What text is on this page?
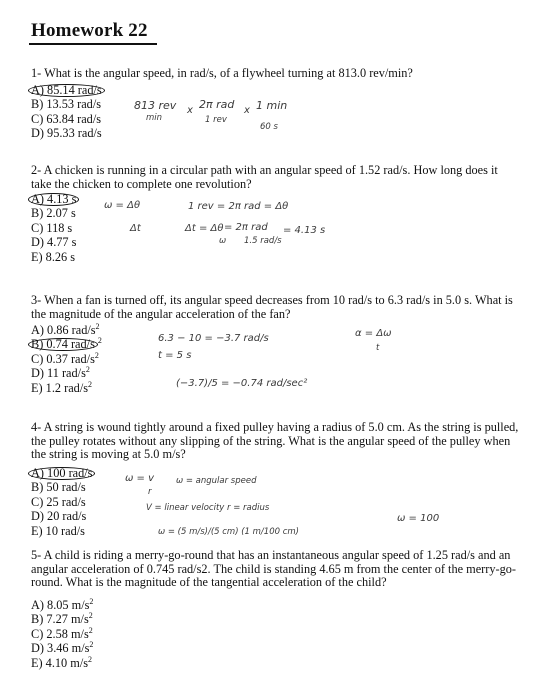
Homework 22
1- What is the angular speed, in rad/s, of a flywheel turning at 813.0 rev/min?
A) 85.14 rad/s
B) 13.53 rad/s
C) 63.84 rad/s
D) 95.33 rad/s
813 rev x 2π rad x 1 min
min	1 rev
60 s
2- A chicken is running in a circular path with an angular speed of 1.52 rad/s. How long does it take the chicken to complete one revolution?
A) 4.13 s
B) 2.07 s
C) 118 s
D) 4.77 s
E) 8.26 s
ω = Δθ
Δt
1 rev = 2π rad = Δθ
Δt = Δθ
ω
= 2π rad
1.5 rad/s
= 4.13 s
3- When a fan is turned off, its angular speed decreases from 10 rad/s to 6.3 rad/s in 5.0 s. What is the magnitude of the angular acceleration of the fan?
A) 0.86 rad/$s^2$
B) 0.74 rad/s $^2$
C) 0.37 rad/$s^2$
D) 11 rad/$s^2$
E) 1.2 rad/$s^2$
6.3 − 10 = −3.7 rad/s
t = 5 s
(−3.7)/5 = −0.74 rad/sec²
α = Δω
t
4- A string is wound tightly around a fixed pulley having a radius of 5.0 cm. As the string is pulled, the pulley rotates without any slipping of the string. What is the angular speed of the pulley when the string is moving at 5.0 m/s?
A) 100 rad/s
B) 50 rad/s
C) 25 rad/s
D) 20 rad/s
E) 10 rad/s
ω = v
r
ω = angular speed
V = linear velocity r = radius
ω = (5 m/s)/(5 cm) (1 m/100 cm)
ω = 100
5- A child is riding a merry-go-round that has an instantaneous angular speed of 1.25 rad/s and an angular acceleration of 0.745 rad/s2. The child is standing 4.65 m from the center of the merry-go-round. What is the magnitude of the tangential acceleration of the child?
A) 8.05 $m/s^2$
B) 7.27 $m/s^2$
C) 2.58 $m/s^2$
D) 3.46 $m/s^2$
E) 4.10 $m/s^2$
